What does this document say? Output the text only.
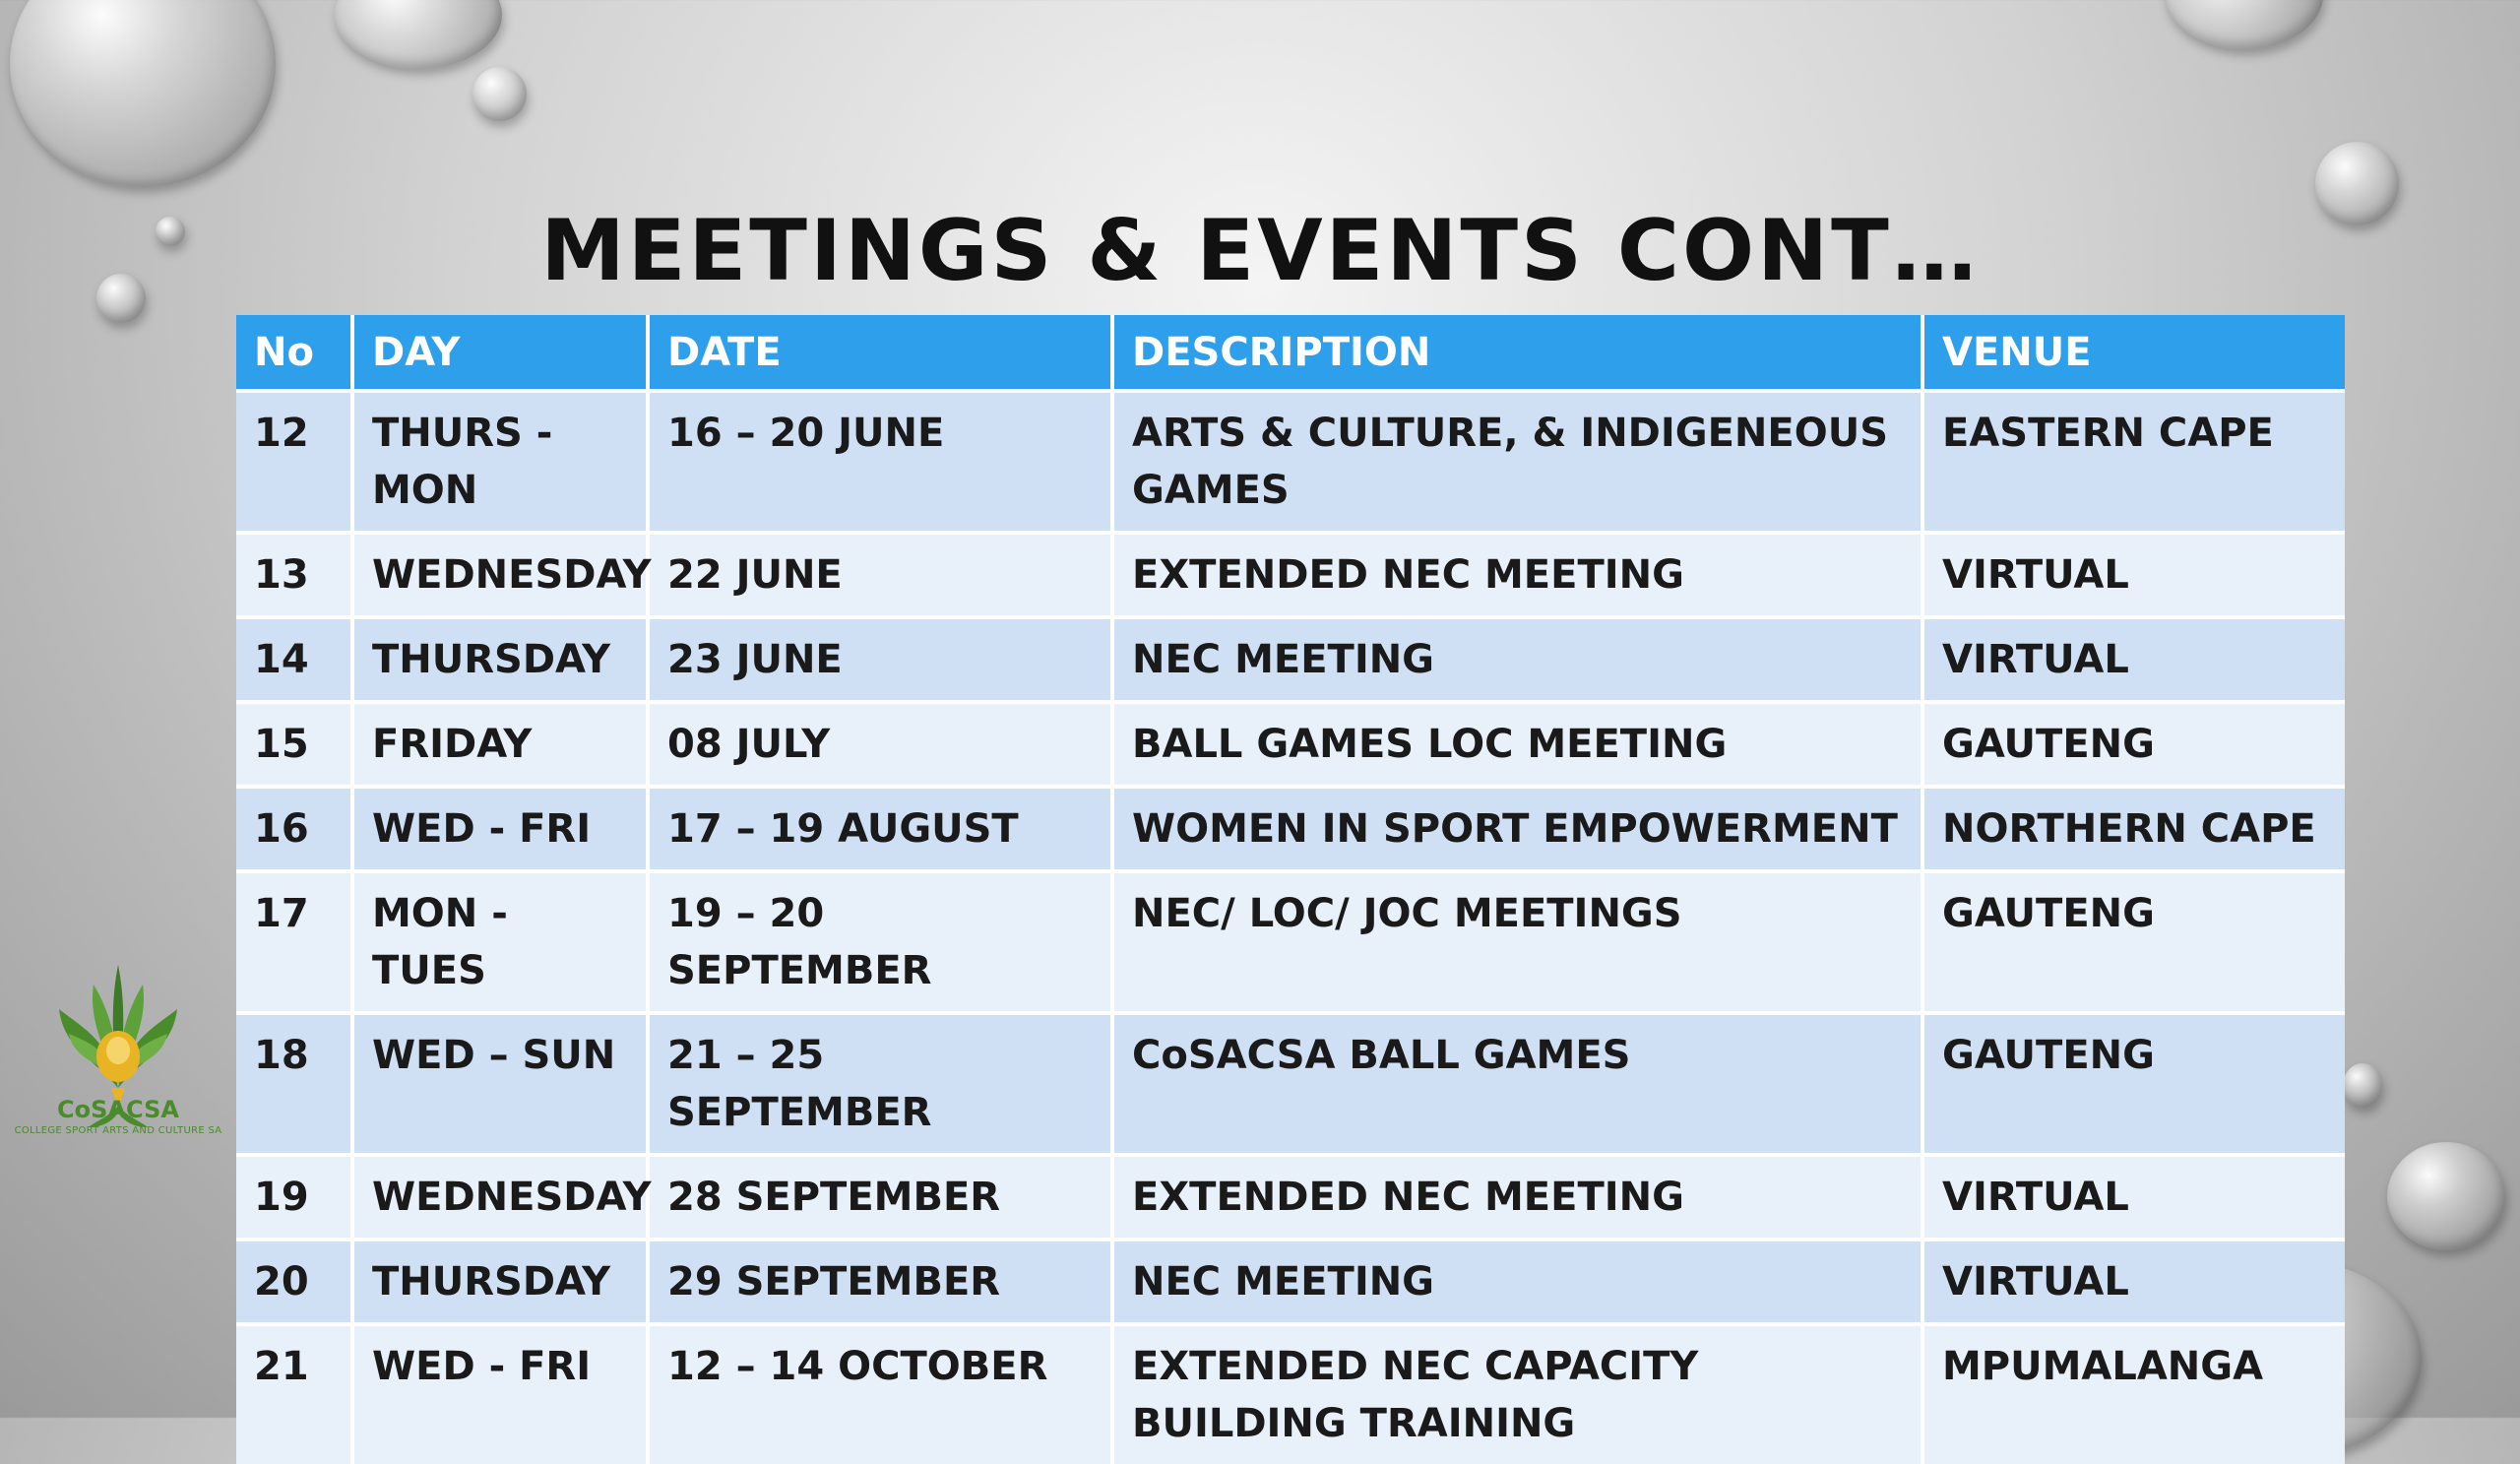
MEETINGS & EVENTS CONT…
No	DAY	DATE	DESCRIPTION	VENUE
12	THURS - MON	16 – 20 JUNE	ARTS & CULTURE, & INDIGENEOUS GAMES	EASTERN CAPE
13	WEDNESDAY	22 JUNE	EXTENDED NEC MEETING	VIRTUAL
14	THURSDAY	23 JUNE	NEC MEETING	VIRTUAL
15	FRIDAY	08 JULY	BALL GAMES LOC MEETING	GAUTENG
16	WED - FRI	17 – 19 AUGUST	WOMEN IN SPORT EMPOWERMENT	NORTHERN CAPE
17	MON - TUES	19 – 20 SEPTEMBER	NEC/ LOC/ JOC MEETINGS	GAUTENG
18	WED – SUN	21 – 25 SEPTEMBER	CoSACSA BALL GAMES	GAUTENG
19	WEDNESDAY	28 SEPTEMBER	EXTENDED NEC MEETING	VIRTUAL
20	THURSDAY	29 SEPTEMBER	NEC MEETING	VIRTUAL
21	WED - FRI	12 – 14 OCTOBER	EXTENDED NEC CAPACITY BUILDING TRAINING	MPUMALANGA
CoSACSA
COLLEGE SPORT ARTS AND CULTURE SA
